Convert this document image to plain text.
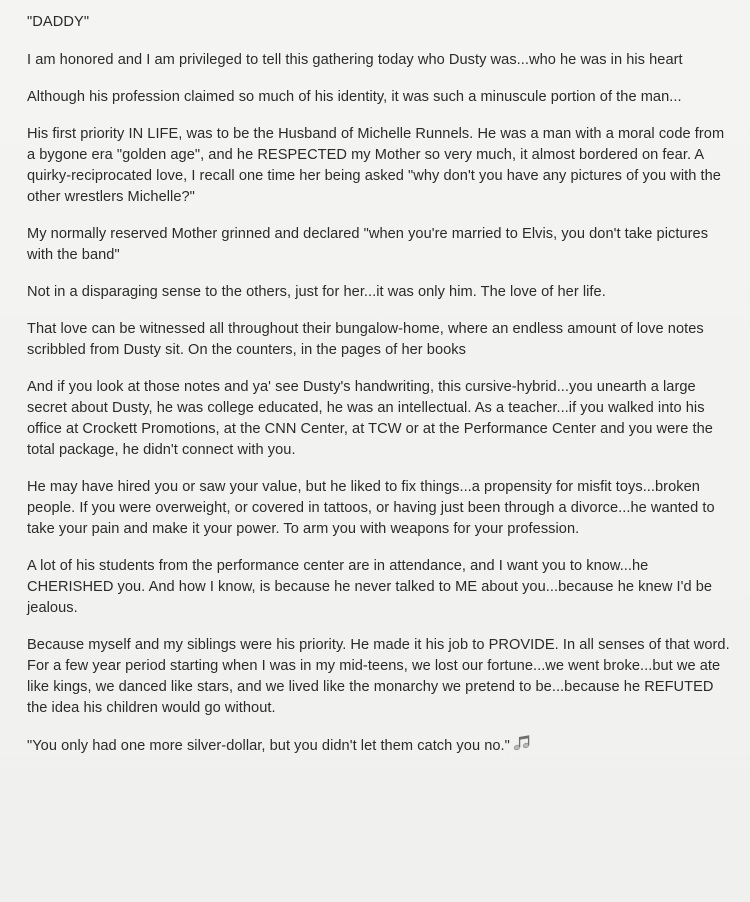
"DADDY"
I am honored and I am privileged to tell this gathering today who Dusty was...who he was in his heart
Although his profession claimed so much of his identity, it was such a minuscule portion of the man...
His first priority IN LIFE, was to be the Husband of Michelle Runnels. He was a man with a moral code from a bygone era "golden age", and he RESPECTED my Mother so very much, it almost bordered on fear. A quirky-reciprocated love, I recall one time her being asked "why don't you have any pictures of you with the other wrestlers Michelle?"
My normally reserved Mother grinned and declared "when you're married to Elvis, you don't take pictures with the band"
Not in a disparaging sense to the others, just for her...it was only him. The love of her life.
That love can be witnessed all throughout their bungalow-home, where an endless amount of love notes scribbled from Dusty sit. On the counters, in the pages of her books
And if you look at those notes and ya' see Dusty's handwriting, this cursive-hybrid...you unearth a large secret about Dusty, he was college educated, he was an intellectual. As a teacher...if you walked into his office at Crockett Promotions, at the CNN Center, at TCW or at the Performance Center and you were the total package, he didn't connect with you.
He may have hired you or saw your value, but he liked to fix things...a propensity for misfit toys...broken people. If you were overweight, or covered in tattoos, or having just been through a divorce...he wanted to take your pain and make it your power. To arm you with weapons for your profession.
A lot of his students from the performance center are in attendance, and I want you to know...he CHERISHED you. And how I know, is because he never talked to ME about you...because he knew I'd be jealous.
Because myself and my siblings were his priority. He made it his job to PROVIDE. In all senses of that word. For a few year period starting when I was in my mid-teens, we lost our fortune...we went broke...but we ate like kings, we danced like stars, and we lived like the monarchy we pretend to be...because he REFUTED the idea his children would go without.
"You only had one more silver-dollar, but you didn't let them catch you no."
